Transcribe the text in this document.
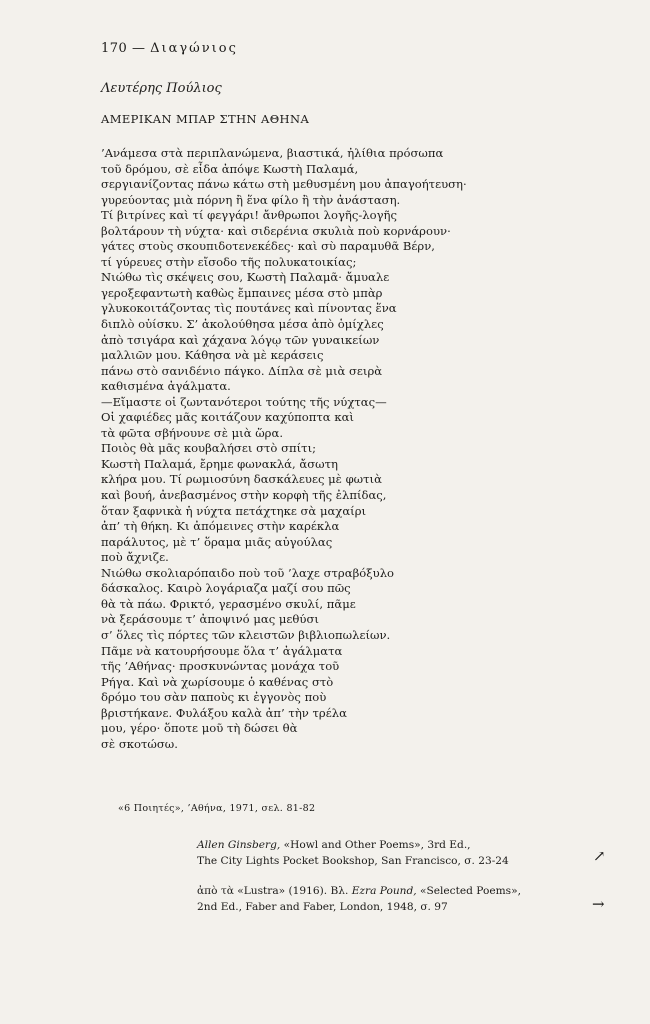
170 — Διαγώνιος
Λευτέρης Πούλιος
ΑΜΕΡΙΚΑΝ ΜΠΑΡ ΣΤΗΝ ΑΘΗΝΑ
’Ανάμεσα στὰ περιπλανώμενα, βιαστικά, ἠλίθια πρόσωπα
τοῦ δρόμου, σὲ εἶδα ἀπόψε Κωστὴ Παλαμά,
σεργιανίζοντας πάνω κάτω στὴ μεθυσμένη μου ἀπαγοήτευση·
γυρεύοντας μιὰ πόρνη ἢ ἕνα φίλο ἢ τὴν ἀνάσταση.
Τί βιτρίνες καὶ τί φεγγάρι! ἄνθρωποι λογῆς-λογῆς
βολτάρουν τὴ νύχτα· καὶ σιδερένια σκυλιὰ ποὺ κορνάρουν·
γάτες στοὺς σκουπιδοτενεκέδες· καὶ σὺ παραμυθᾶ Βέρν,
τί γύρευες στὴν εἴσοδο τῆς πολυκατοικίας;
Νιώθω τὶς σκέψεις σου, Κωστὴ Παλαμᾶ· ἄμυαλε
γεροξεφαντωτὴ καθὼς ἔμπαινες μέσα στὸ μπὰρ
γλυκοκοιτάζοντας τὶς πουτάνες καὶ πίνοντας ἕνα
διπλὸ οὐίσκυ. Σ’ ἀκολούθησα μέσα ἀπὸ ὁμίχλες
ἀπὸ τσιγάρα καὶ χάχανα λόγῳ τῶν γυναικείων
μαλλιῶν μου. Κάθησα νὰ μὲ κεράσεις
πάνω στὸ σανιδένιο πάγκο. Δίπλα σὲ μιὰ σειρὰ
καθισμένα ἀγάλματα.
—Εἴμαστε οἱ ζωντανότεροι τούτης τῆς νύχτας—
Οἱ χαφιέδες μᾶς κοιτάζουν καχύποπτα καὶ
τὰ φῶτα σβήνουνε σὲ μιὰ ὥρα.
Ποιὸς θὰ μᾶς κουβαλήσει στὸ σπίτι;
Κωστὴ Παλαμά, ἔρημε φωνακλά, ἄσωτη
κλήρα μου. Τί ρωμιοσύνη δασκάλευες μὲ φωτιὰ
καὶ βουή, ἀνεβασμένος στὴν κορφὴ τῆς ἐλπίδας,
ὅταν ξαφνικὰ ἡ νύχτα πετάχτηκε σὰ μαχαίρι
ἀπ’ τὴ θήκη. Κι ἀπόμεινες στὴν καρέκλα
παράλυτος, μὲ τ’ ὅραμα μιᾶς αὐγούλας
ποὺ ἄχνιζε.
Νιώθω σκολιαρόπαιδο ποὺ τοῦ ’λαχε στραβόξυλο
δάσκαλος. Καιρὸ λογάριαζα μαζί σου πῶς
θὰ τὰ πάω. Φρικτό, γερασμένο σκυλί, πᾶμε
νὰ ξεράσουμε τ’ ἀποψινό μας μεθύσι
σ’ ὅλες τὶς πόρτες τῶν κλειστῶν βιβλιοπωλείων.
Πᾶμε νὰ κατουρήσουμε ὅλα τ’ ἀγάλματα
τῆς ’Αθήνας· προσκυνώντας μονάχα τοῦ
Ρήγα. Καὶ νὰ χωρίσουμε ὁ καθένας στὸ
δρόμο του σὰν παποὺς κι ἐγγονὸς ποὺ
βριστήκανε. Φυλάξου καλὰ ἀπ’ τὴν τρέλα
μου, γέρο· ὅποτε μοῦ τὴ δώσει θὰ
σὲ σκοτώσω.
«6 Ποιητές», ’Αθήνα, 1971, σελ. 81-82
Allen Ginsberg, «Howl and Other Poems», 3rd Ed.,
The City Lights Pocket Bookshop, San Francisco, σ. 23-24	↗
ἀπὸ τὰ «Lustra» (1916). Βλ. Ezra Pound, «Selected Poems»,
2nd Ed., Faber and Faber, London, 1948, σ. 97	→
